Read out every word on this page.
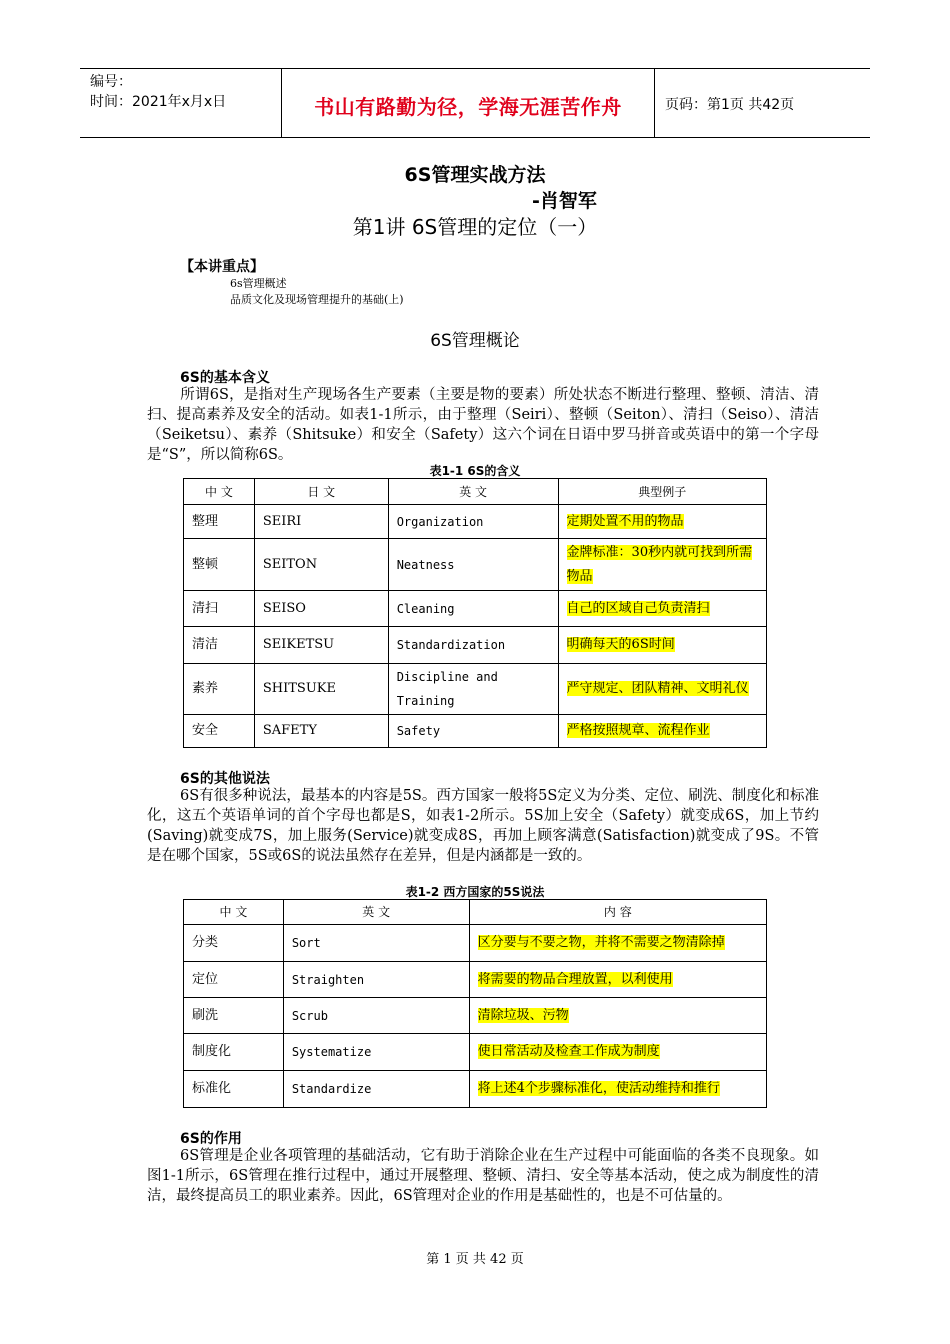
编号：
时间：2021年x月x日	书山有路勤为径，学海无涯苦作舟	页码：第1页 共42页
6S管理实战方法
-肖智军
第1讲 6S管理的定位（一）
【本讲重点】
6s管理概述
品质文化及现场管理提升的基础(上)
6S管理概论
6S的基本含义
所谓6S，是指对生产现场各生产要素（主要是物的要素）所处状态不断进行整理、整顿、清洁、清扫、提高素养及安全的活动。如表1-1所示，由于整理（Seiri）、整顿（Seiton）、清扫（Seiso）、清洁（Seiketsu）、素养（Shitsuke）和安全（Safety）这六个词在日语中罗马拼音或英语中的第一个字母是“S”，所以简称6S。
表1-1 6S的含义
中 文	日 文	英 文	典型例子
整理	SEIRI	Organization	定期处置不用的物品
整顿	SEITON	Neatness	金牌标准：30秒内就可找到所需物品
清扫	SEISO	Cleaning	自己的区域自己负责清扫
清洁	SEIKETSU	Standardization	明确每天的6S时间
素养	SHITSUKE	Discipline and Training	严守规定、团队精神、文明礼仪
安全	SAFETY	Safety	严格按照规章、流程作业
6S的其他说法
6S有很多种说法，最基本的内容是5S。西方国家一般将5S定义为分类、定位、刷洗、制度化和标准化，这五个英语单词的首个字母也都是S，如表1-2所示。5S加上安全（Safety）就变成6S，加上节约(Saving)就变成7S，加上服务(Service)就变成8S，再加上顾客满意(Satisfaction)就变成了9S。不管是在哪个国家，5S或6S的说法虽然存在差异，但是内涵都是一致的。
表1-2 西方国家的5S说法
中 文	英 文	内 容
分类	Sort	区分要与不要之物，并将不需要之物清除掉
定位	Straighten	将需要的物品合理放置，以利使用
刷洗	Scrub	清除垃圾、污物
制度化	Systematize	使日常活动及检查工作成为制度
标准化	Standardize	将上述4个步骤标准化，使活动维持和推行
6S的作用
6S管理是企业各项管理的基础活动，它有助于消除企业在生产过程中可能面临的各类不良现象。如图1-1所示，6S管理在推行过程中，通过开展整理、整顿、清扫、安全等基本活动，使之成为制度性的清洁，最终提高员工的职业素养。因此，6S管理对企业的作用是基础性的，也是不可估量的。
第 1 页 共 42 页
